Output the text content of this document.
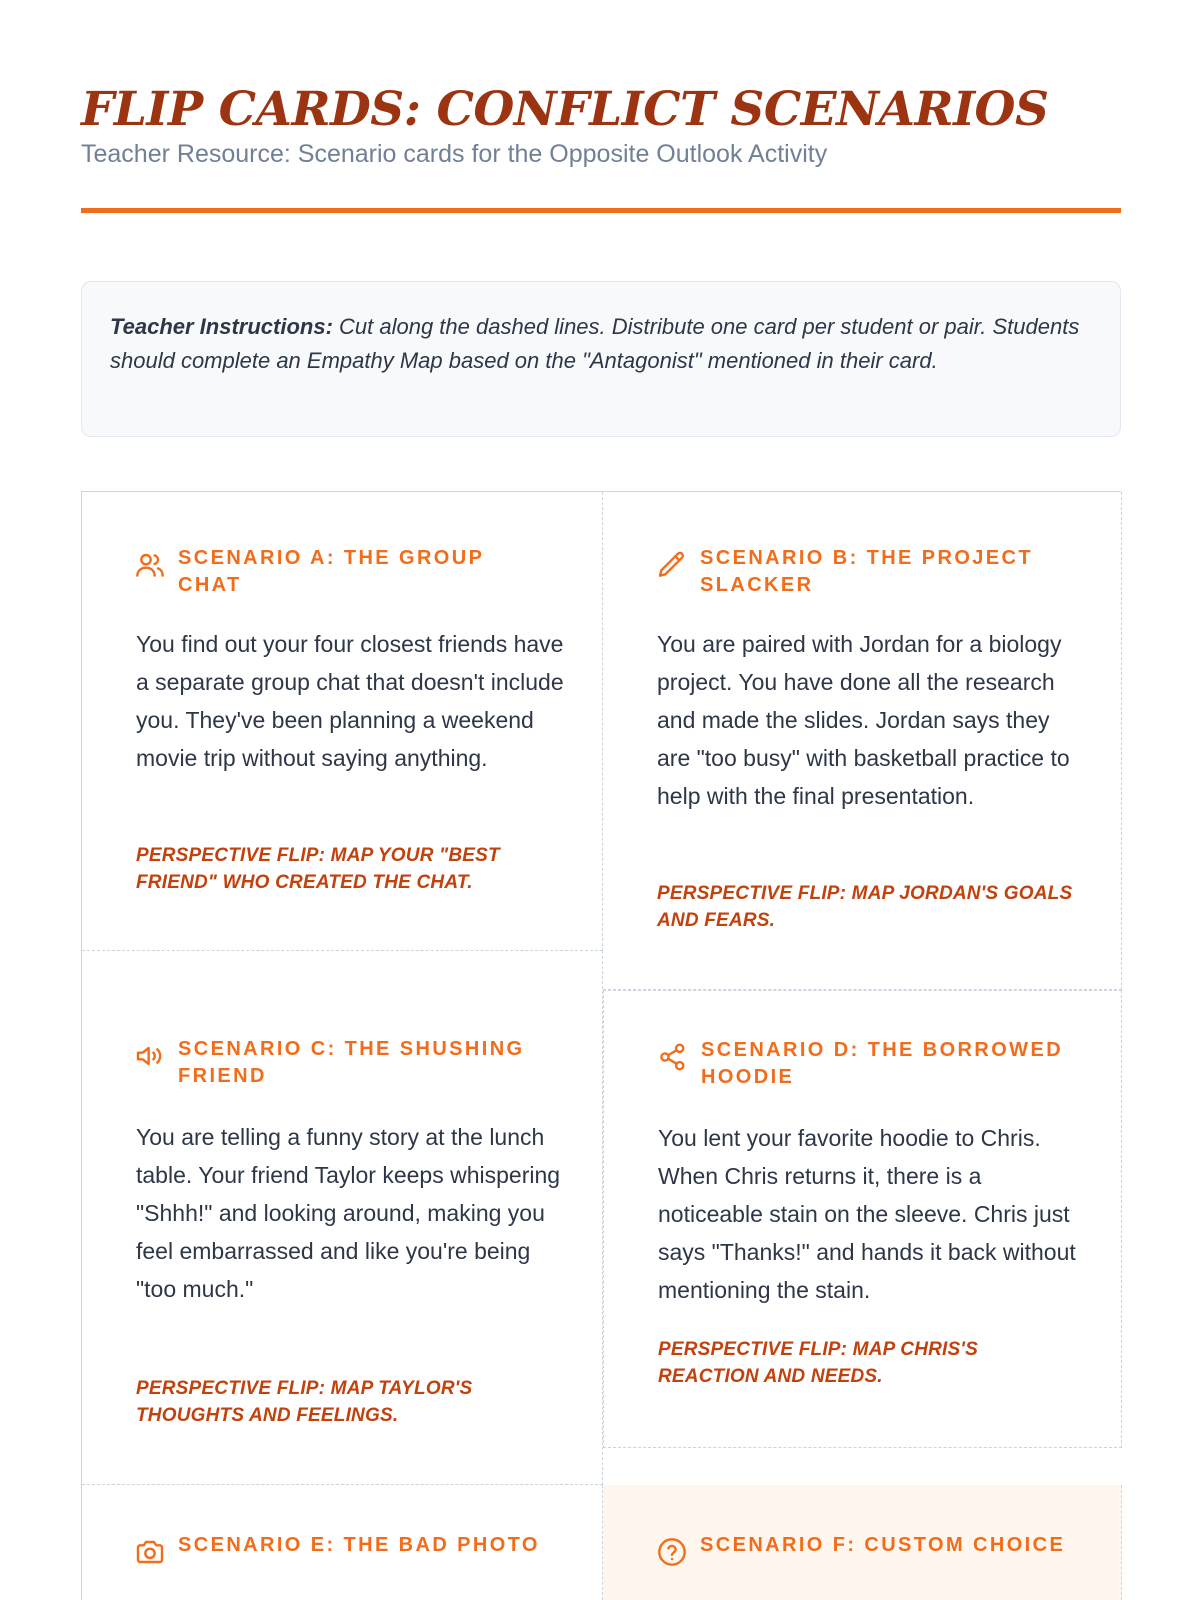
FLIP CARDS: CONFLICT SCENARIOS
Teacher Resource: Scenario cards for the Opposite Outlook Activity
Teacher Instructions: Cut along the dashed lines. Distribute one card per student or pair. Students should complete an Empathy Map based on the "Antagonist" mentioned in their card.
SCENARIO A: THE GROUP CHAT
You find out your four closest friends have a separate group chat that doesn't include you. They've been planning a weekend movie trip without saying anything.
PERSPECTIVE FLIP: MAP YOUR "BEST FRIEND" WHO CREATED THE CHAT.
SCENARIO B: THE PROJECT SLACKER
You are paired with Jordan for a biology project. You have done all the research and made the slides. Jordan says they are "too busy" with basketball practice to help with the final presentation.
PERSPECTIVE FLIP: MAP JORDAN'S GOALS AND FEARS.
SCENARIO C: THE SHUSHING FRIEND
You are telling a funny story at the lunch table. Your friend Taylor keeps whispering "Shhh!" and looking around, making you feel embarrassed and like you're being "too much."
PERSPECTIVE FLIP: MAP TAYLOR'S THOUGHTS AND FEELINGS.
SCENARIO D: THE BORROWED HOODIE
You lent your favorite hoodie to Chris. When Chris returns it, there is a noticeable stain on the sleeve. Chris just says "Thanks!" and hands it back without mentioning the stain.
PERSPECTIVE FLIP: MAP CHRIS'S REACTION AND NEEDS.
SCENARIO E: THE BAD PHOTO	SCENARIO F: CUSTOM CHOICE
